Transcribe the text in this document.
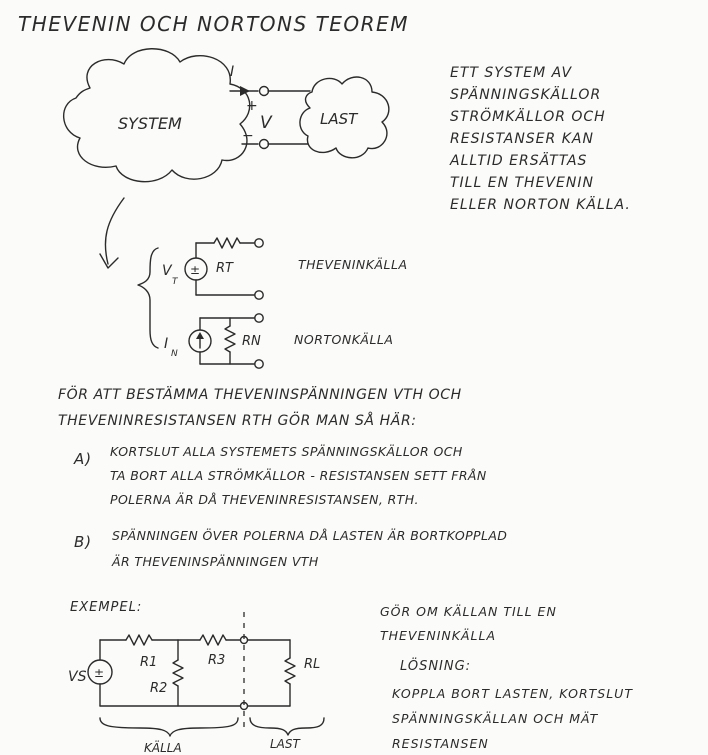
SYSTEM	LAST
I
+
V
−
±
V
T
RT	THEVENINKÄLLA
I
N
RN	NORTONKÄLLA
±
VS
R1
R2
R3	RL
KÄLLA	LAST
THEVENIN OCH NORTONS TEOREM
ETT SYSTEM AV
SPÄNNINGSKÄLLOR
STRÖMKÄLLOR OCH
RESISTANSER KAN
ALLTID ERSÄTTAS
TILL EN THEVENIN
ELLER NORTON KÄLLA.
FÖR ATT BESTÄMMA THEVENINSPÄNNINGEN VTH OCH
THEVENINRESISTANSEN RTH GÖR MAN SÅ HÄR:
A) KORTSLUT ALLA SYSTEMETS SPÄNNINGSKÄLLOR OCH
TA BORT ALLA STRÖMKÄLLOR - RESISTANSEN SETT FRÅN
POLERNA ÄR DÅ THEVENINRESISTANSEN, RTH.
B) SPÄNNINGEN ÖVER POLERNA DÅ LASTEN ÄR BORTKOPPLAD
ÄR THEVENINSPÄNNINGEN VTH
EXEMPEL:	GÖR OM KÄLLAN TILL EN
THEVENINKÄLLA
LÖSNING:
KOPPLA BORT LASTEN, KORTSLUT
SPÄNNINGSKÄLLAN OCH MÄT
RESISTANSEN
